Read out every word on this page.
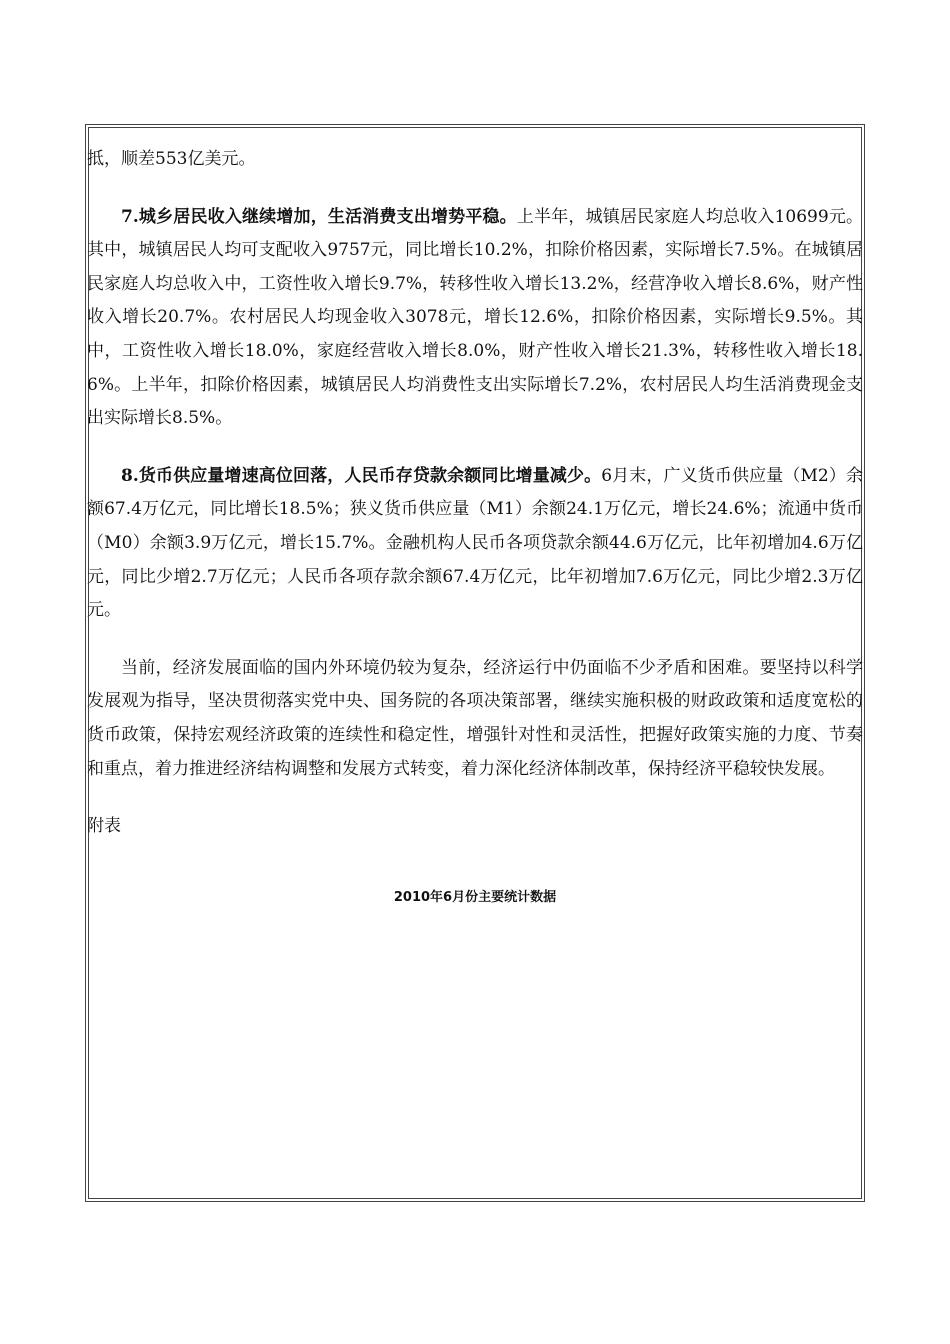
抵，顺差553亿美元。

7.城乡居民收入继续增加，生活消费支出增势平稳。上半年，城镇居民家庭人均总收入10699元。其中，城镇居民人均可支配收入9757元，同比增长10.2%，扣除价格因素，实际增长7.5%。在城镇居民家庭人均总收入中，工资性收入增长9.7%，转移性收入增长13.2%，经营净收入增长8.6%，财产性收入增长20.7%。农村居民人均现金收入3078元，增长12.6%，扣除价格因素，实际增长9.5%。其中，工资性收入增长18.0%，家庭经营收入增长8.0%，财产性收入增长21.3%，转移性收入增长18.6%。上半年，扣除价格因素，城镇居民人均消费性支出实际增长7.2%，农村居民人均生活消费现金支出实际增长8.5%。

8.货币供应量增速高位回落，人民币存贷款余额同比增量减少。6月末，广义货币供应量（M2）余额67.4万亿元，同比增长18.5%；狭义货币供应量（M1）余额24.1万亿元，增长24.6%；流通中货币（M0）余额3.9万亿元，增长15.7%。金融机构人民币各项贷款余额44.6万亿元，比年初增加4.6万亿元，同比少增2.7万亿元；人民币各项存款余额67.4万亿元，比年初增加7.6万亿元，同比少增2.3万亿元。

当前，经济发展面临的国内外环境仍较为复杂，经济运行中仍面临不少矛盾和困难。要坚持以科学发展观为指导，坚决贯彻落实党中央、国务院的各项决策部署，继续实施积极的财政政策和适度宽松的货币政策，保持宏观经济政策的连续性和稳定性，增强针对性和灵活性，把握好政策实施的力度、节奏和重点，着力推进经济结构调整和发展方式转变，着力深化经济体制改革，保持经济平稳较快发展。

附表

2010年6月份主要统计数据
